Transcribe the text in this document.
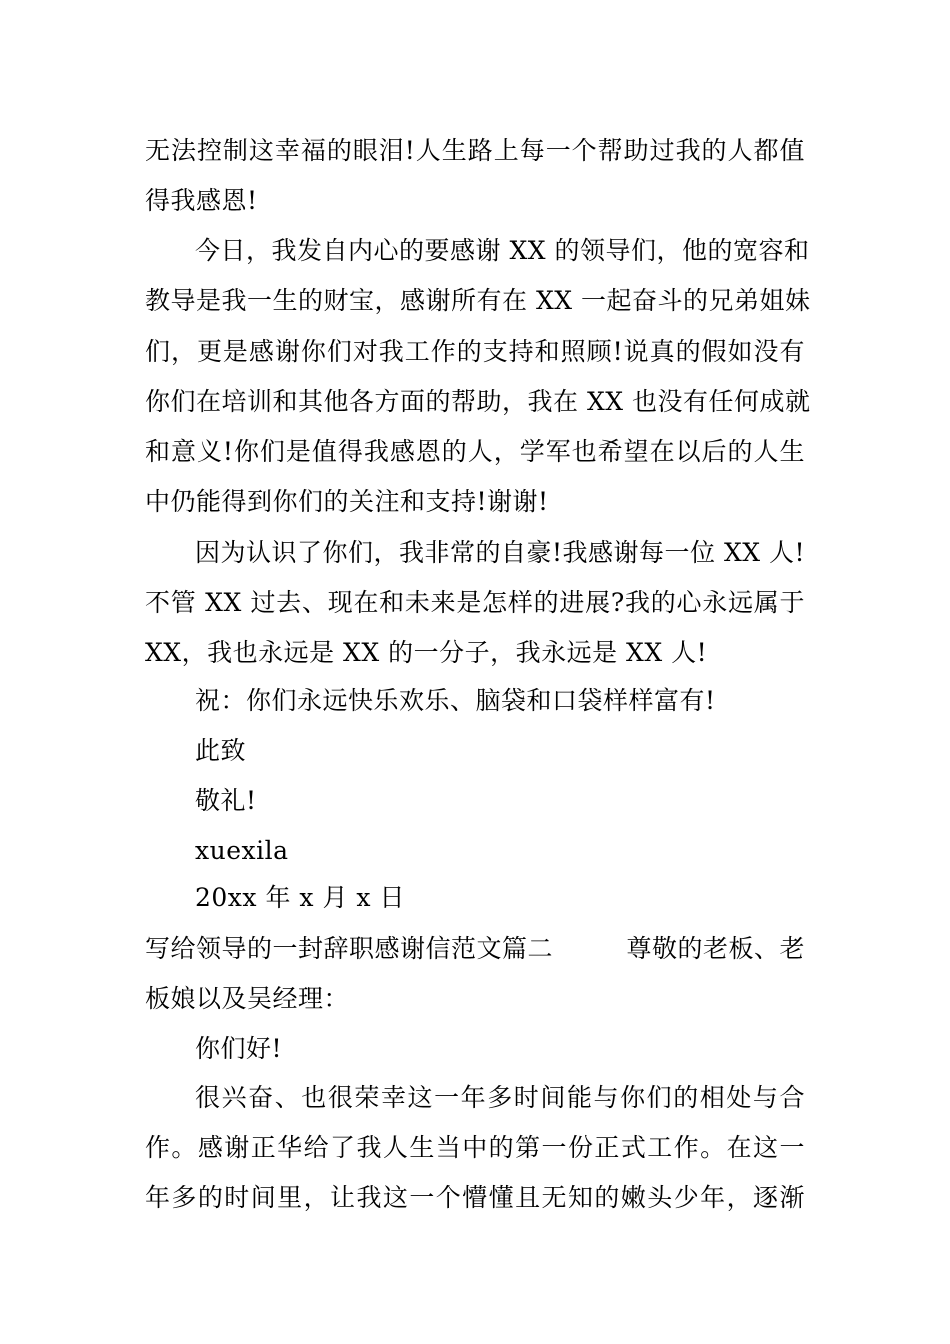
无法控制这幸福的眼泪!人生路上每一个帮助过我的人都值
得我感恩!
今日，我发自内心的要感谢 XX 的领导们，他的宽容和
教导是我一生的财宝，感谢所有在 XX 一起奋斗的兄弟姐妹
们，更是感谢你们对我工作的支持和照顾!说真的假如没有
你们在培训和其他各方面的帮助，我在 XX 也没有任何成就
和意义!你们是值得我感恩的人，学军也希望在以后的人生
中仍能得到你们的关注和支持!谢谢!
因为认识了你们，我非常的自豪!我感谢每一位 XX 人!
不管 XX 过去、现在和未来是怎样的进展?我的心永远属于
XX，我也永远是 XX 的一分子，我永远是 XX 人!
祝：你们永远快乐欢乐、脑袋和口袋样样富有!
此致
敬礼!
xuexila
20xx 年 x 月 x 日
写给领导的一封辞职感谢信范文篇二	尊敬的老板、老
板娘以及吴经理：
你们好!
很兴奋、也很荣幸这一年多时间能与你们的相处与合
作。感谢正华给了我人生当中的第一份正式工作。在这一
年多的时间里，让我这一个懵懂且无知的嫩头少年，逐渐
